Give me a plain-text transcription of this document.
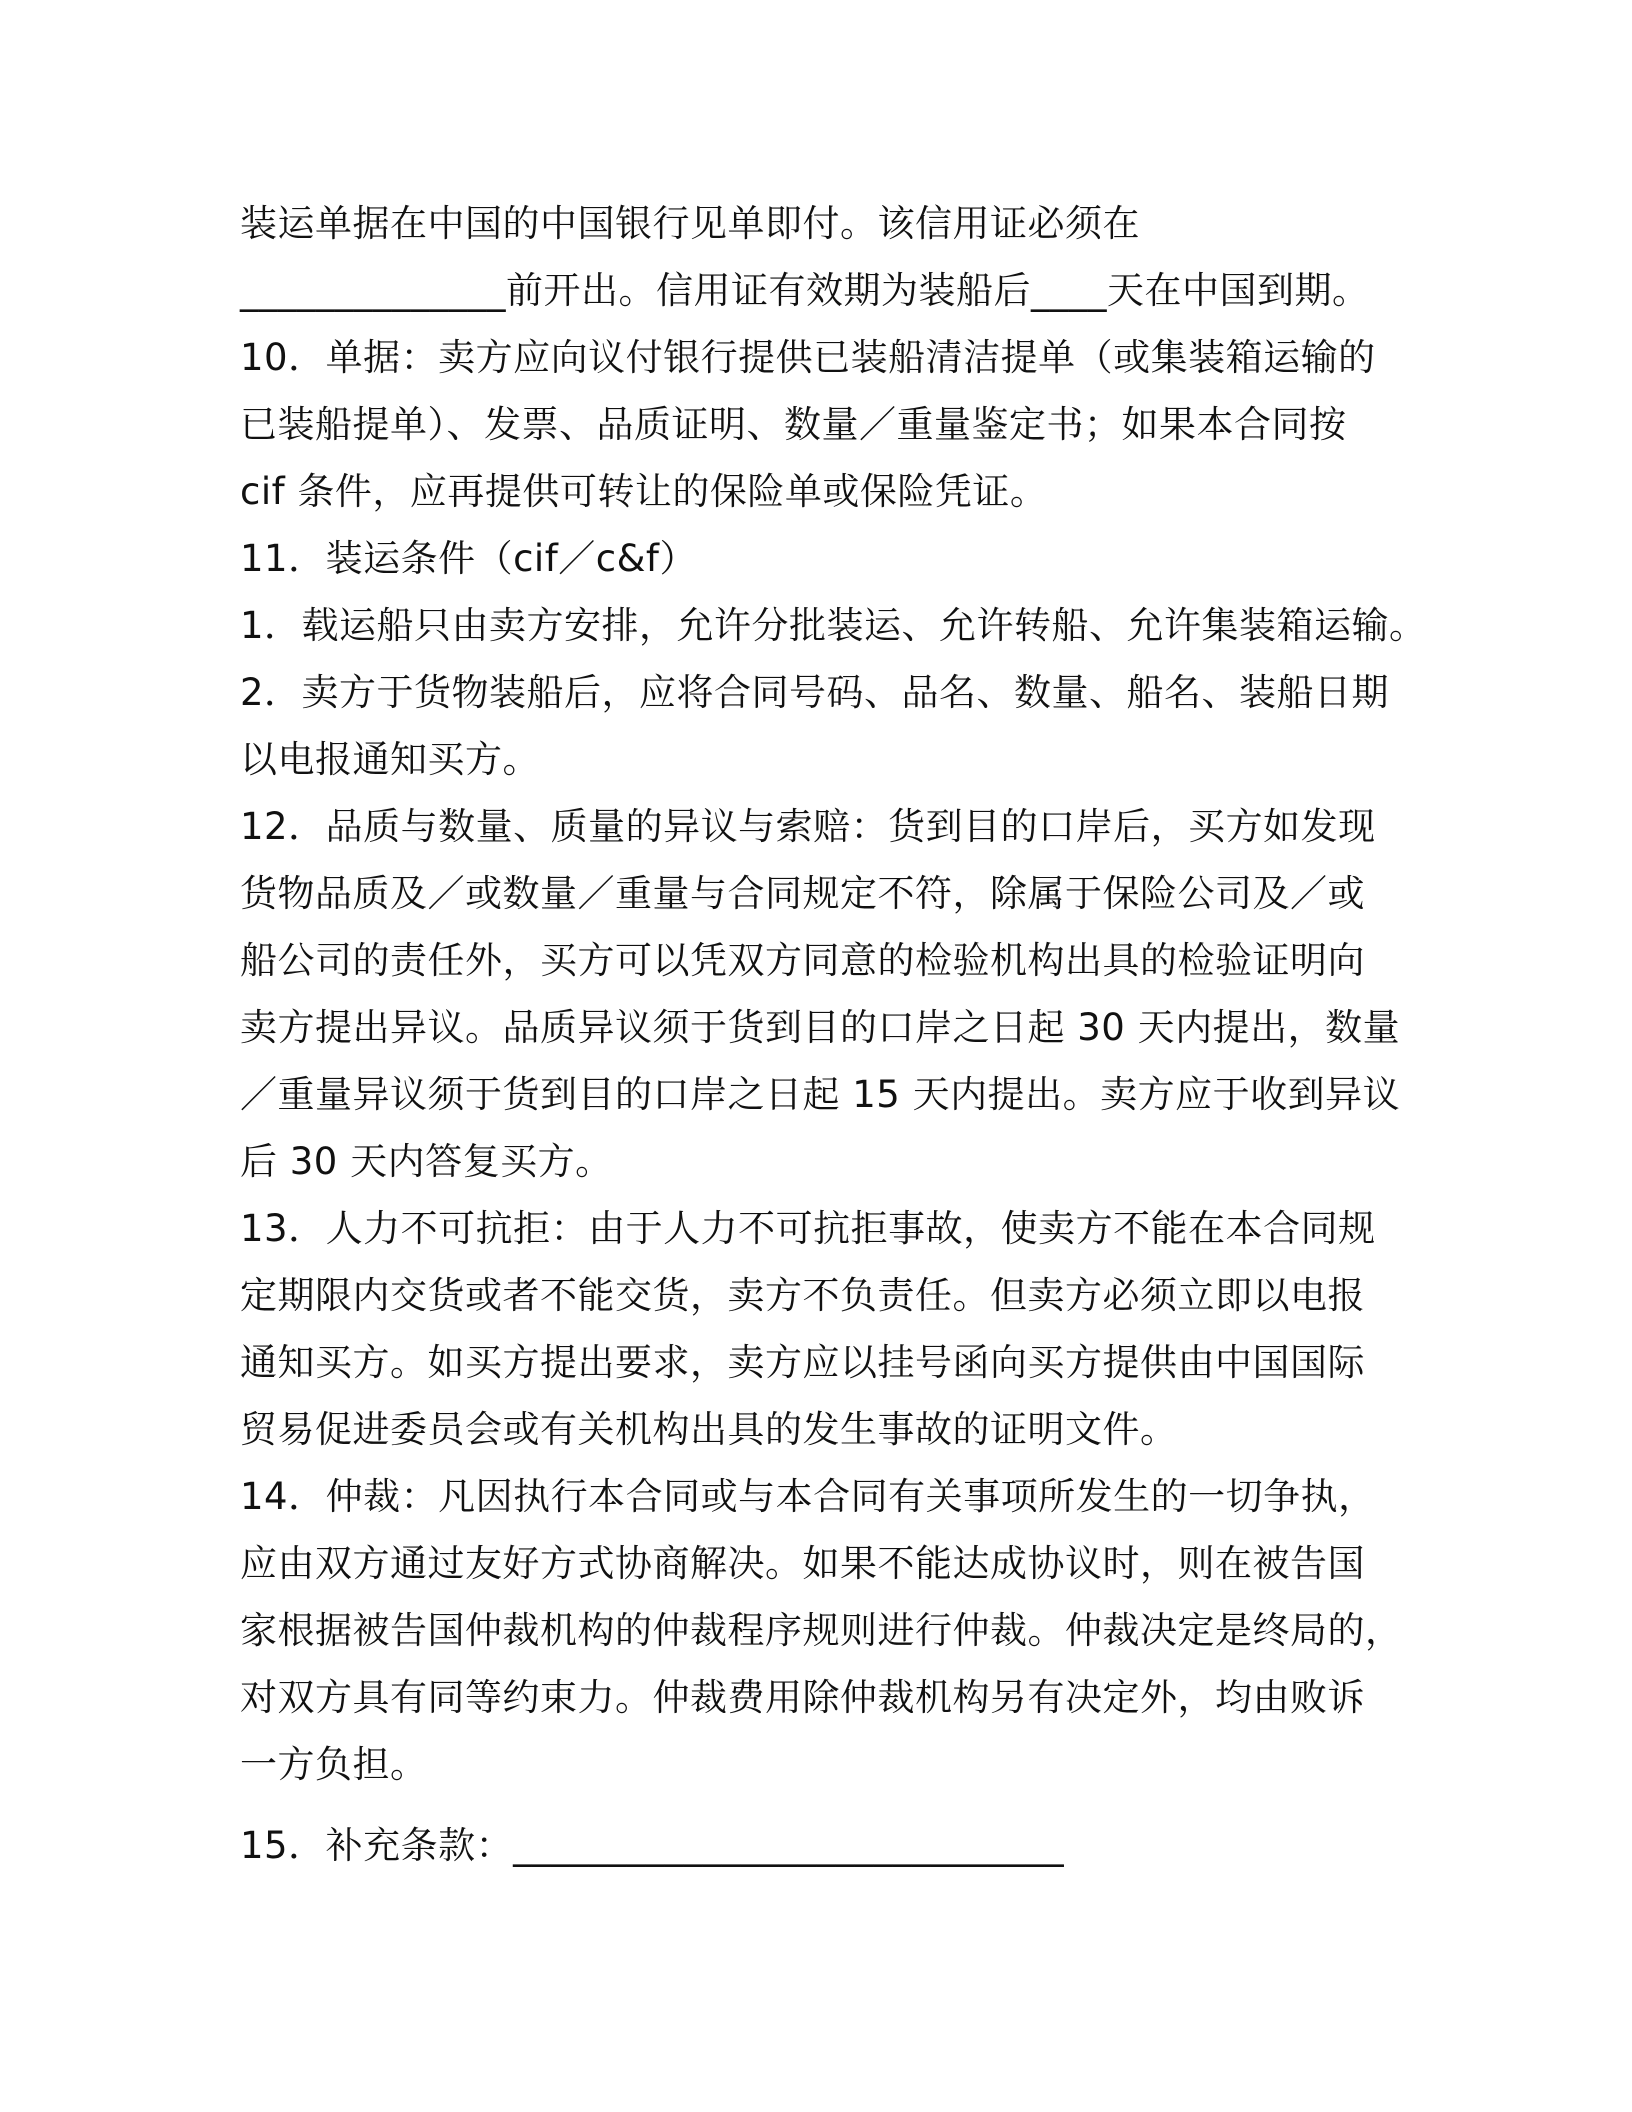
装运单据在中国的中国银行见单即付。该信用证必须在
______________前开出。信用证有效期为装船后____天在中国到期。
10．单据：卖方应向议付银行提供已装船清洁提单（或集装箱运输的
已装船提单）、发票、品质证明、数量／重量鉴定书；如果本合同按
cif 条件，应再提供可转让的保险单或保险凭证。
11．装运条件（cif／c&f）
1．载运船只由卖方安排，允许分批装运、允许转船、允许集装箱运输。
2．卖方于货物装船后，应将合同号码、品名、数量、船名、装船日期
以电报通知买方。
12．品质与数量、质量的异议与索赔：货到目的口岸后，买方如发现
货物品质及／或数量／重量与合同规定不符，除属于保险公司及／或
船公司的责任外，买方可以凭双方同意的检验机构出具的检验证明向
卖方提出异议。品质异议须于货到目的口岸之日起 30 天内提出，数量
／重量异议须于货到目的口岸之日起 15 天内提出。卖方应于收到异议
后 30 天内答复买方。
13．人力不可抗拒：由于人力不可抗拒事故，使卖方不能在本合同规
定期限内交货或者不能交货，卖方不负责任。但卖方必须立即以电报
通知买方。如买方提出要求，卖方应以挂号函向买方提供由中国国际
贸易促进委员会或有关机构出具的发生事故的证明文件。
14．仲裁：凡因执行本合同或与本合同有关事项所发生的一切争执，
应由双方通过友好方式协商解决。如果不能达成协议时，则在被告国
家根据被告国仲裁机构的仲裁程序规则进行仲裁。仲裁决定是终局的，
对双方具有同等约束力。仲裁费用除仲裁机构另有决定外，均由败诉
一方负担。
15．补充条款：_____________________________
